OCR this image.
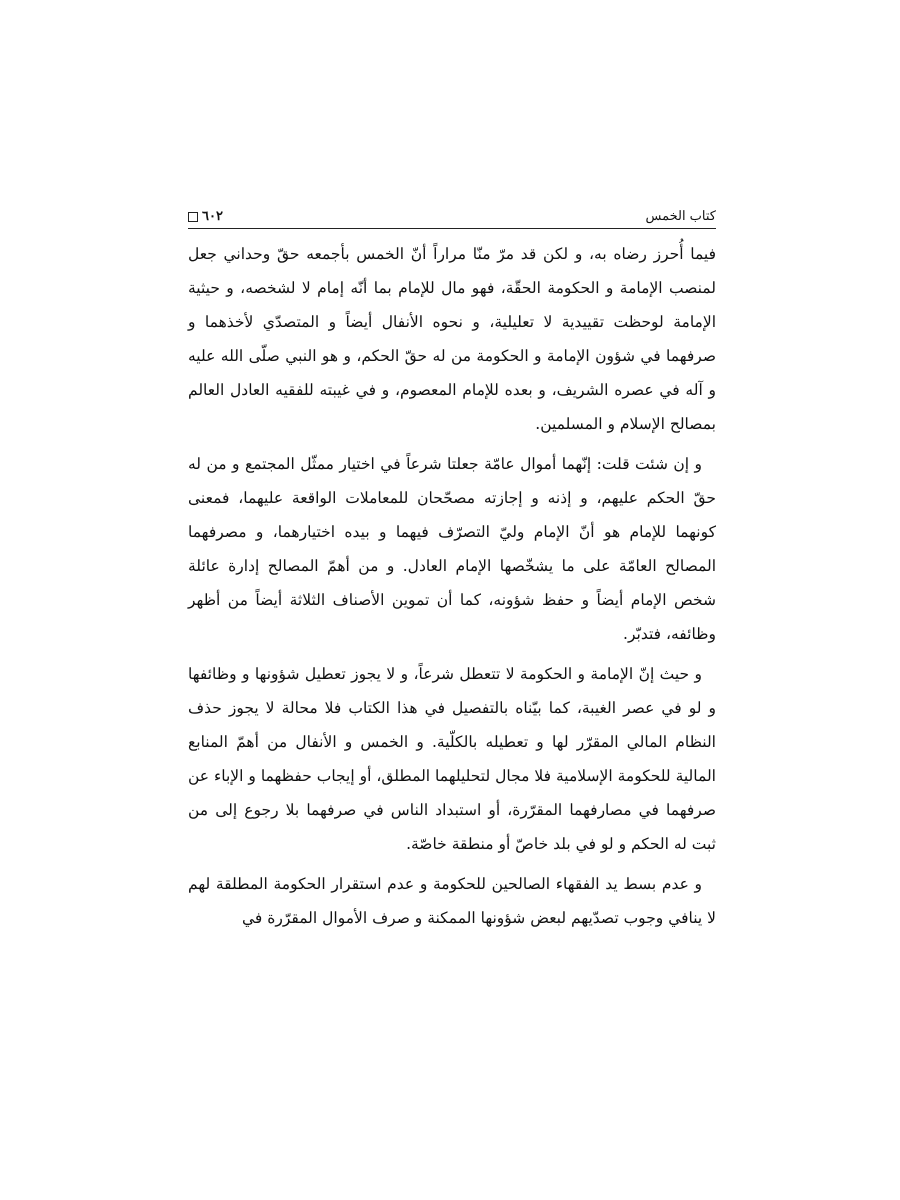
كتاب الخمس
٦٠٢

فيما أُحرز رضاه به، و لكن قد مرّ منّا مراراً أنّ الخمس بأجمعه حقّ وحداني جعل لمنصب الإمامة و الحكومة الحقّة، فهو مال للإمام بما أنّه إمام لا لشخصه، و حيثية الإمامة لوحظت تقييدية لا تعليلية، و نحوه الأنفال أيضاً و المتصدّي لأخذهما و صرفهما في شؤون الإمامة و الحكومة من له حقّ الحكم، و هو النبي صلّى الله عليه و آله في عصره الشريف، و بعده للإمام المعصوم، و في غيبته للفقيه العادل العالم بمصالح الإسلام و المسلمين.

و إن شئت قلت: إنّهما أموال عامّة جعلتا شرعاً في اختيار ممثّل المجتمع و من له حقّ الحكم عليهم، و إذنه و إجازته مصحّحان للمعاملات الواقعة عليهما، فمعنى كونهما للإمام هو أنّ الإمام وليّ التصرّف فيهما و بيده اختيارهما، و مصرفهما المصالح العامّة على ما يشخّصها الإمام العادل. و من أهمّ المصالح إدارة عائلة شخص الإمام أيضاً و حفظ شؤونه، كما أن تموين الأصناف الثلاثة أيضاً من أظهر وظائفه، فتدبّر.

و حيث إنّ الإمامة و الحكومة لا تتعطل شرعاً، و لا يجوز تعطيل شؤونها و وظائفها و لو في عصر الغيبة، كما بيّناه بالتفصيل في هذا الكتاب فلا محالة لا يجوز حذف النظام المالي المقرّر لها و تعطيله بالكلّية. و الخمس و الأنفال من أهمّ المنابع المالية للحكومة الإسلامية فلا مجال لتحليلهما المطلق، أو إيجاب حفظهما و الإباء عن صرفهما في مصارفهما المقرّرة، أو استبداد الناس في صرفهما بلا رجوع إلى من ثبت له الحكم و لو في بلد خاصّ أو منطقة خاصّة.

و عدم بسط يد الفقهاء الصالحين للحكومة و عدم استقرار الحكومة المطلقة لهم لا ينافي وجوب تصدّيهم لبعض شؤونها الممكنة و صرف الأموال المقرّرة في
